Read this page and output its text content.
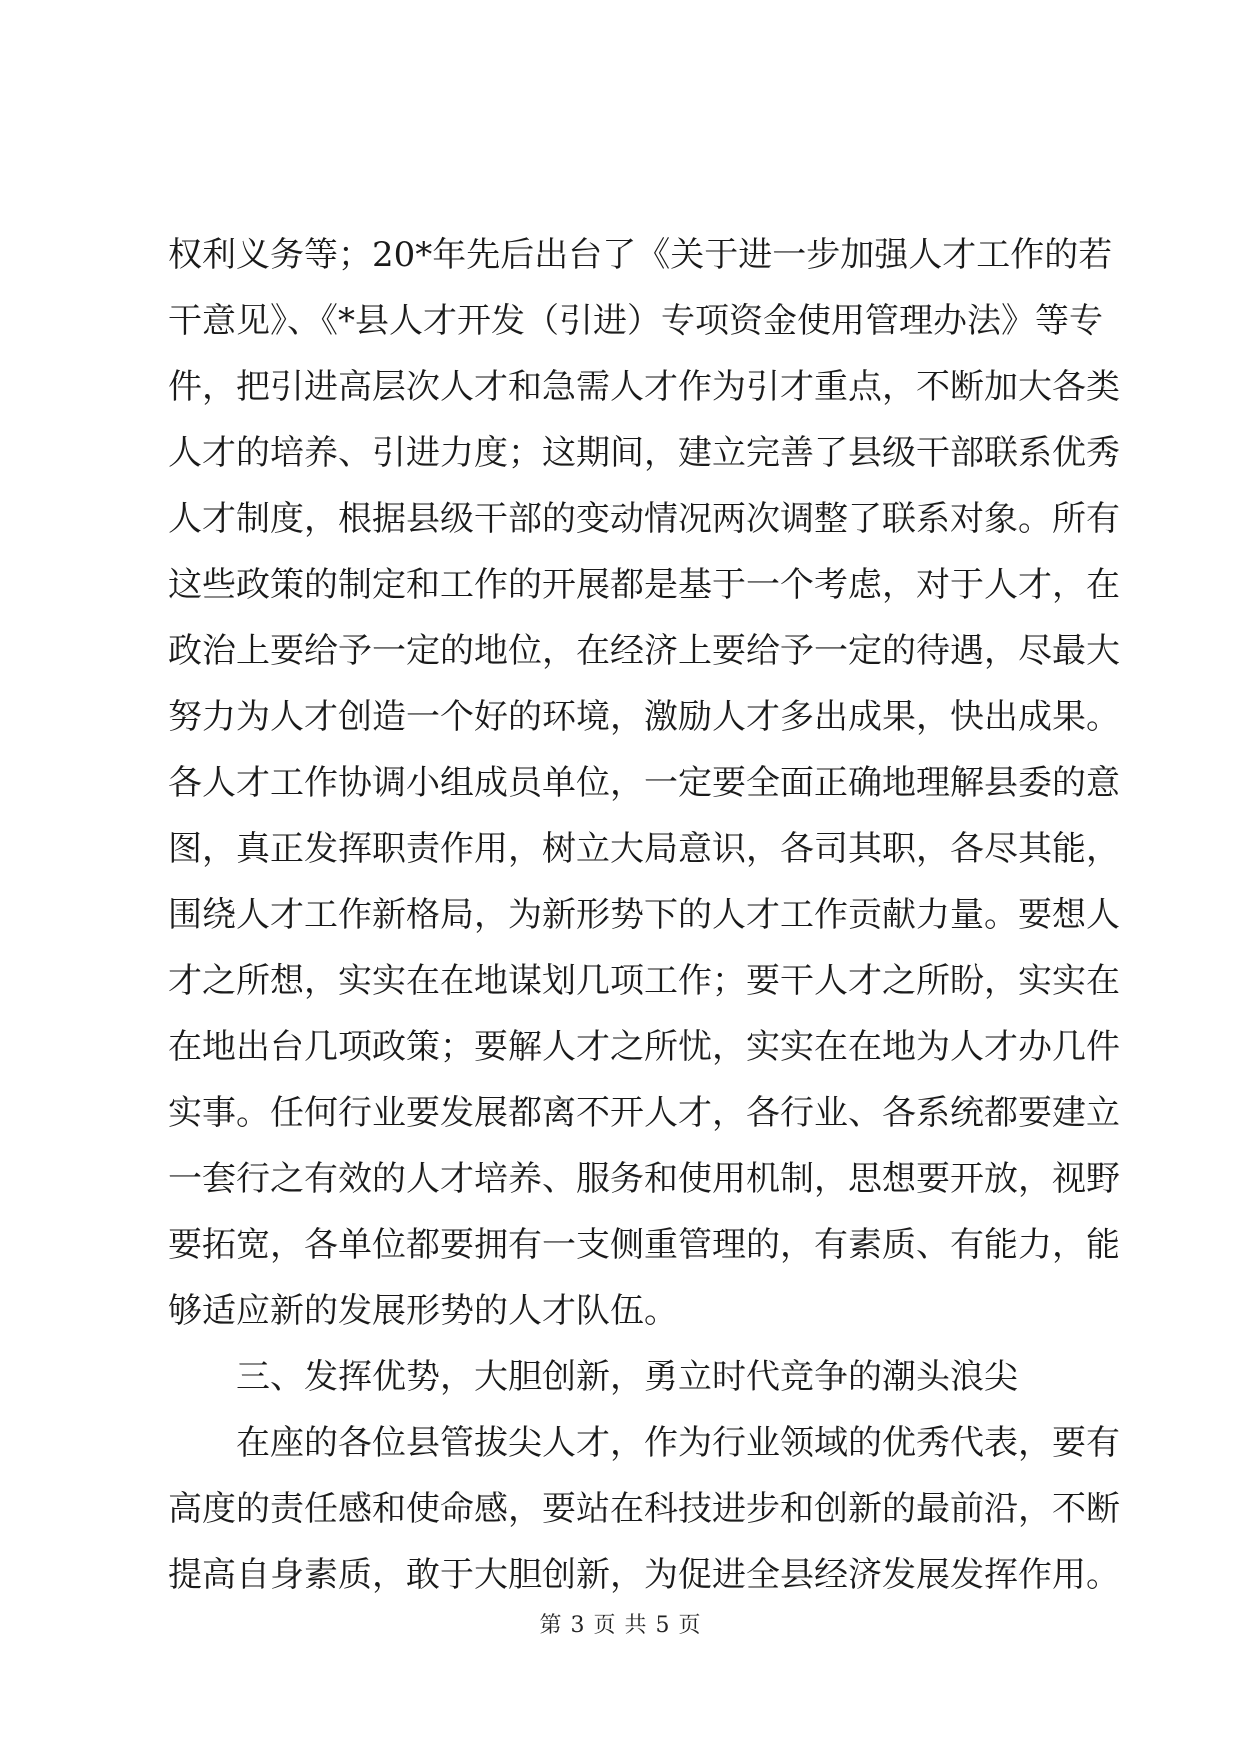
权利义务等；20*年先后出台了《关于进一步加强人才工作的若
干意见》、《*县人才开发（引进）专项资金使用管理办法》等专
件，把引进高层次人才和急需人才作为引才重点，不断加大各类
人才的培养、引进力度；这期间，建立完善了县级干部联系优秀
人才制度，根据县级干部的变动情况两次调整了联系对象。所有
这些政策的制定和工作的开展都是基于一个考虑，对于人才，在
政治上要给予一定的地位，在经济上要给予一定的待遇，尽最大
努力为人才创造一个好的环境，激励人才多出成果，快出成果。
各人才工作协调小组成员单位，一定要全面正确地理解县委的意
图，真正发挥职责作用，树立大局意识，各司其职，各尽其能，
围绕人才工作新格局，为新形势下的人才工作贡献力量。要想人
才之所想，实实在在地谋划几项工作；要干人才之所盼，实实在
在地出台几项政策；要解人才之所忧，实实在在地为人才办几件
实事。任何行业要发展都离不开人才，各行业、各系统都要建立
一套行之有效的人才培养、服务和使用机制，思想要开放，视野
要拓宽，各单位都要拥有一支侧重管理的，有素质、有能力，能
够适应新的发展形势的人才队伍。
三、发挥优势，大胆创新，勇立时代竞争的潮头浪尖
在座的各位县管拔尖人才，作为行业领域的优秀代表，要有
高度的责任感和使命感，要站在科技进步和创新的最前沿，不断
提高自身素质，敢于大胆创新，为促进全县经济发展发挥作用。
第 3 页 共 5 页
